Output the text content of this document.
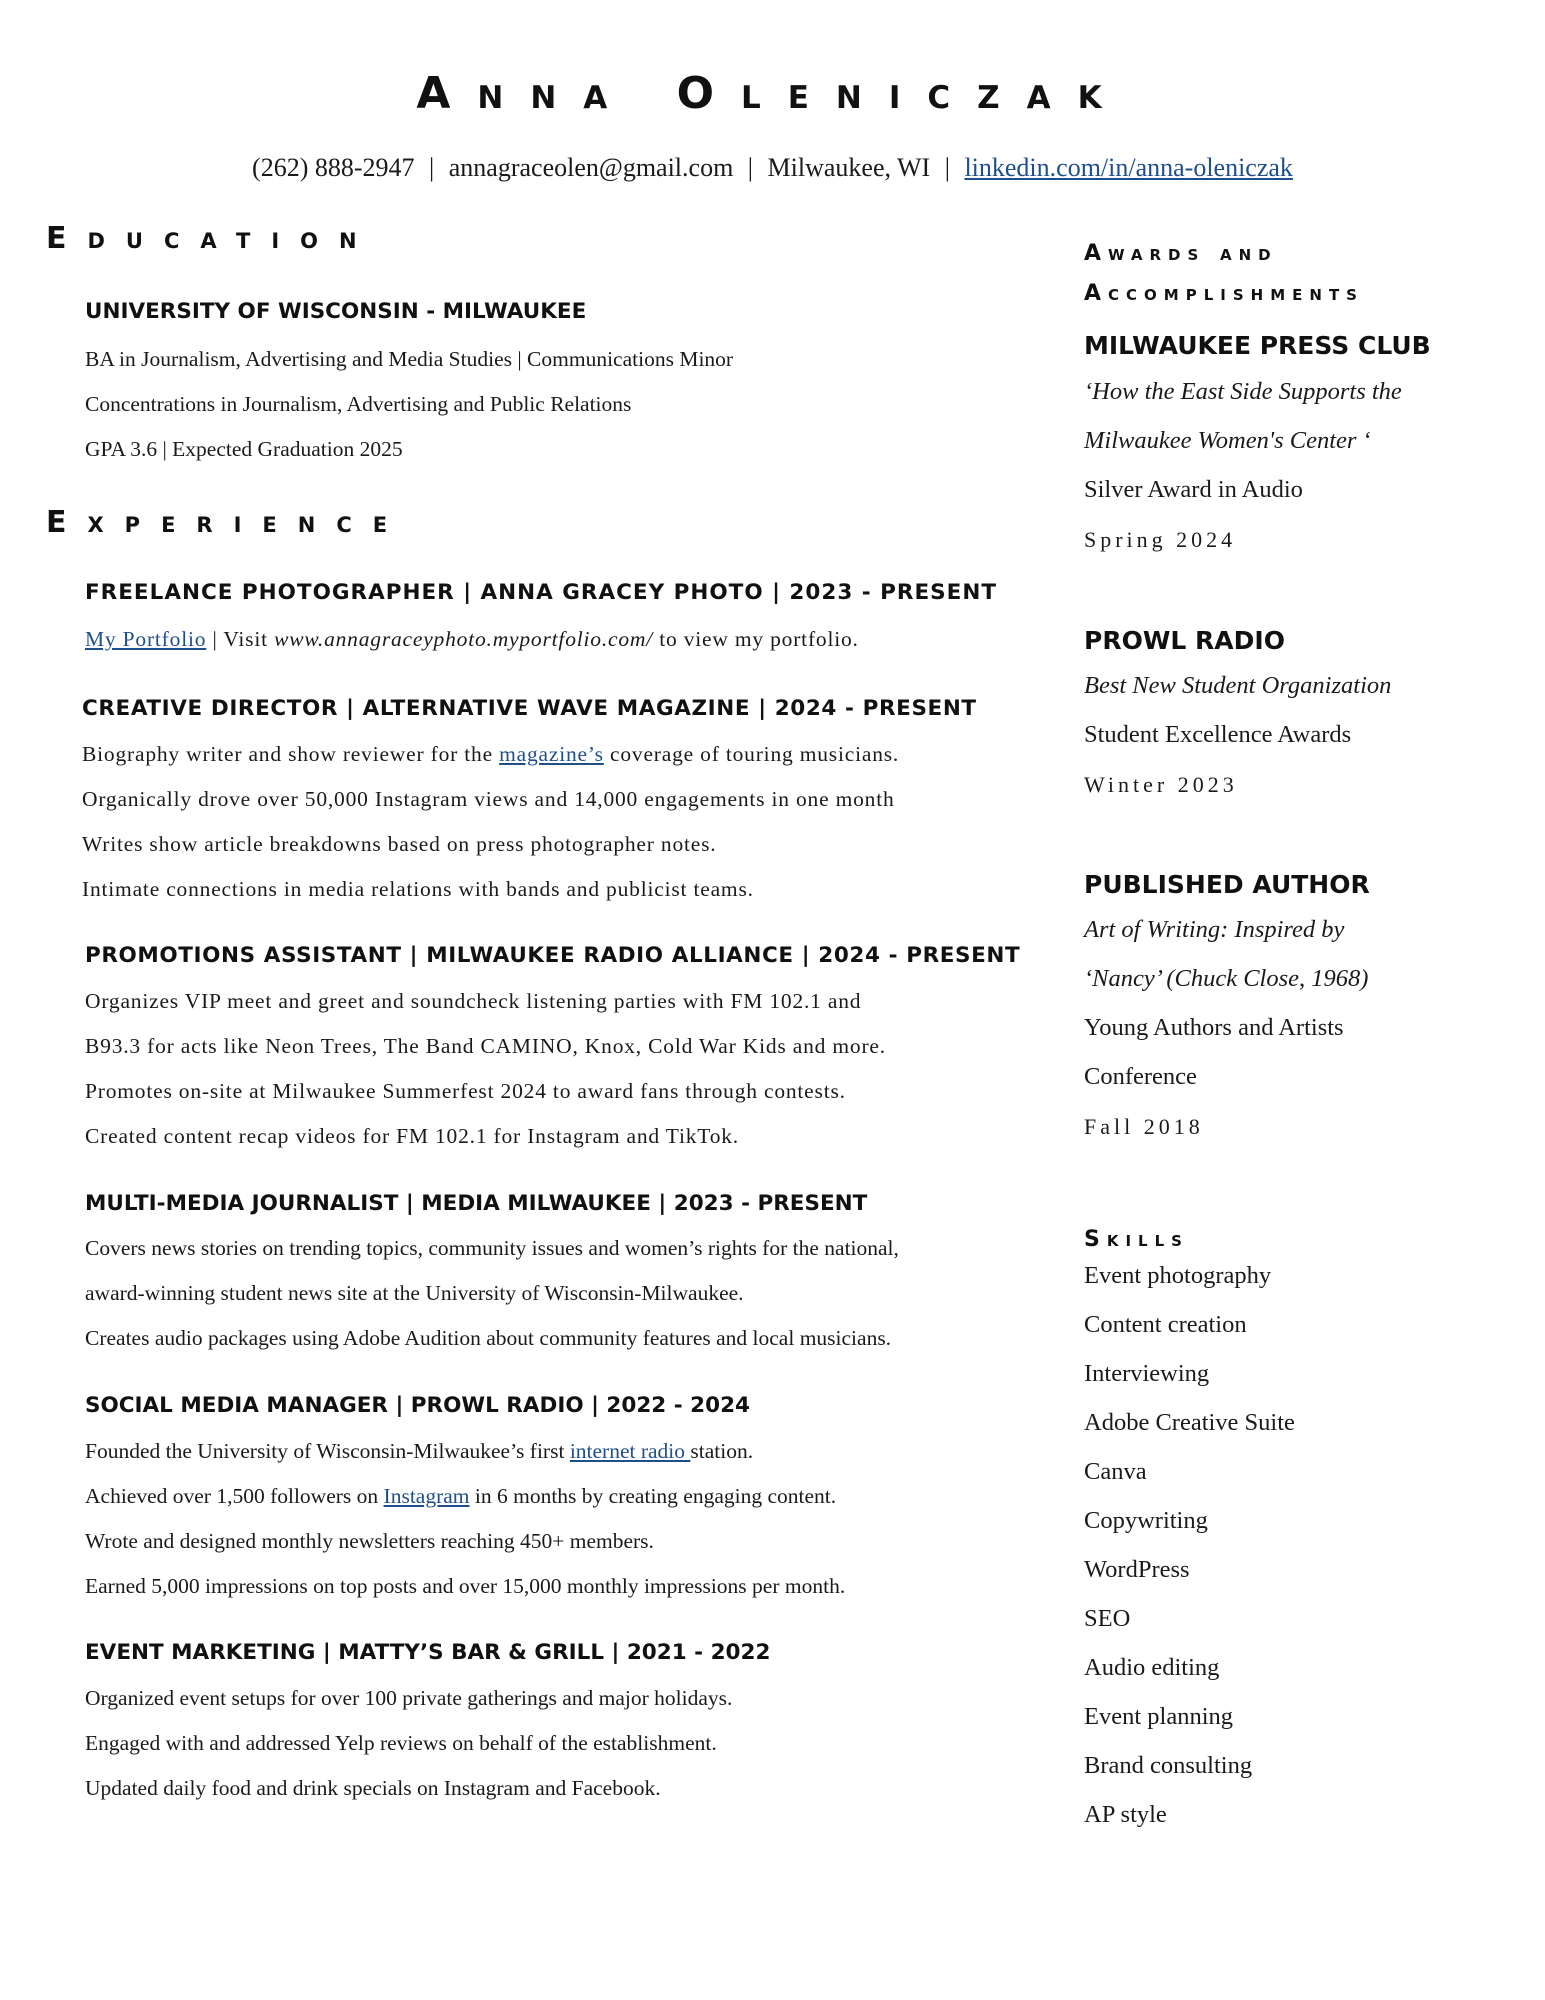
Anna Oleniczak
(262) 888-2947 | annagraceolen@gmail.com | Milwaukee, WI | linkedin.com/in/anna-oleniczak
Education
UNIVERSITY OF WISCONSIN - MILWAUKEE
BA in Journalism, Advertising and Media Studies | Communications Minor
Concentrations in Journalism, Advertising and Public Relations
GPA 3.6 | Expected Graduation 2025
Experience
FREELANCE PHOTOGRAPHER | ANNA GRACEY PHOTO | 2023 - PRESENT
My Portfolio | Visit www.annagraceyphoto.myportfolio.com/ to view my portfolio.
CREATIVE DIRECTOR | ALTERNATIVE WAVE MAGAZINE | 2024 - PRESENT
Biography writer and show reviewer for the magazine’s coverage of touring musicians.
Organically drove over 50,000 Instagram views and 14,000 engagements in one month
Writes show article breakdowns based on press photographer notes.
Intimate connections in media relations with bands and publicist teams.
PROMOTIONS ASSISTANT | MILWAUKEE RADIO ALLIANCE | 2024 - PRESENT
Organizes VIP meet and greet and soundcheck listening parties with FM 102.1 and
B93.3 for acts like Neon Trees, The Band CAMINO, Knox, Cold War Kids and more.
Promotes on-site at Milwaukee Summerfest 2024 to award fans through contests.
Created content recap videos for FM 102.1 for Instagram and TikTok.
MULTI-MEDIA JOURNALIST | MEDIA MILWAUKEE | 2023 - PRESENT
Covers news stories on trending topics, community issues and women’s rights for the national,
award-winning student news site at the University of Wisconsin-Milwaukee.
Creates audio packages using Adobe Audition about community features and local musicians.
SOCIAL MEDIA MANAGER | PROWL RADIO | 2022 - 2024
Founded the University of Wisconsin-Milwaukee’s first internet radio station.
Achieved over 1,500 followers on Instagram in 6 months by creating engaging content.
Wrote and designed monthly newsletters reaching 450+ members.
Earned 5,000 impressions on top posts and over 15,000 monthly impressions per month.
EVENT MARKETING | MATTY’S BAR & GRILL | 2021 - 2022
Organized event setups for over 100 private gatherings and major holidays.
Engaged with and addressed Yelp reviews on behalf of the establishment.
Updated daily food and drink specials on Instagram and Facebook.
Awards and Accomplishments
MILWAUKEE PRESS CLUB
‘How the East Side Supports the
Milwaukee Women's Center ‘
Silver Award in Audio
Spring 2024
PROWL RADIO
Best New Student Organization
Student Excellence Awards
Winter 2023
PUBLISHED AUTHOR
Art of Writing: Inspired by
‘Nancy’ (Chuck Close, 1968)
Young Authors and Artists
Conference
Fall 2018
Skills
Event photography
Content creation
Interviewing
Adobe Creative Suite
Canva
Copywriting
WordPress
SEO
Audio editing
Event planning
Brand consulting
AP style
